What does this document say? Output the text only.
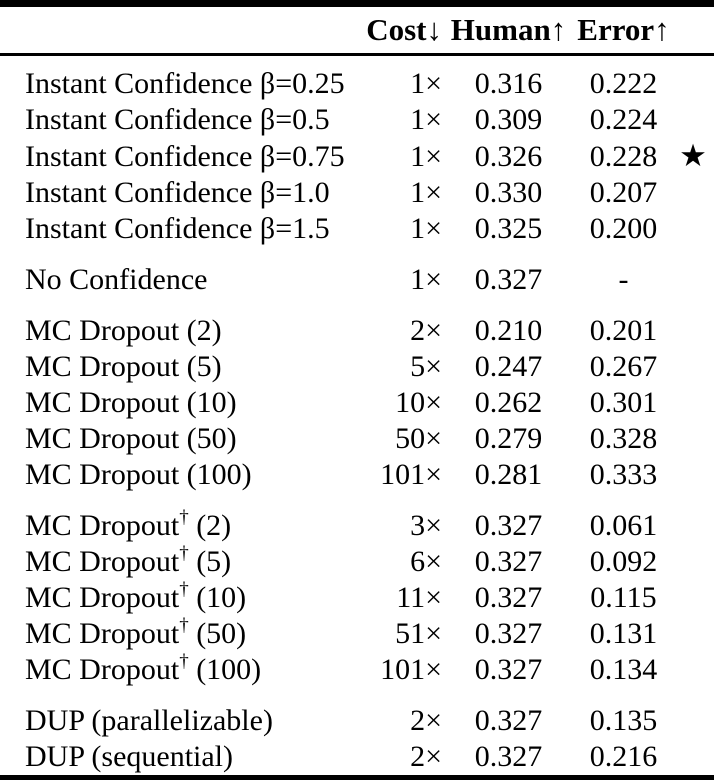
	Cost↓	Human↑	Error↑	
Instant Confidence β=0.25	1×	0.316	0.222	
Instant Confidence β=0.5	1×	0.309	0.224	
Instant Confidence β=0.75	1×	0.326	0.228	★
Instant Confidence β=1.0	1×	0.330	0.207	
Instant Confidence β=1.5	1×	0.325	0.200	
No Confidence	1×	0.327	-	
MC Dropout (2)	2×	0.210	0.201	
MC Dropout (5)	5×	0.247	0.267	
MC Dropout (10)	10×	0.262	0.301	
MC Dropout (50)	50×	0.279	0.328	
MC Dropout (100)	101×	0.281	0.333	
MC Dropout† (2)	3×	0.327	0.061	
MC Dropout† (5)	6×	0.327	0.092	
MC Dropout† (10)	11×	0.327	0.115	
MC Dropout† (50)	51×	0.327	0.131	
MC Dropout† (100)	101×	0.327	0.134	
DUP (parallelizable)	2×	0.327	0.135	
DUP (sequential)	2×	0.327	0.216	
